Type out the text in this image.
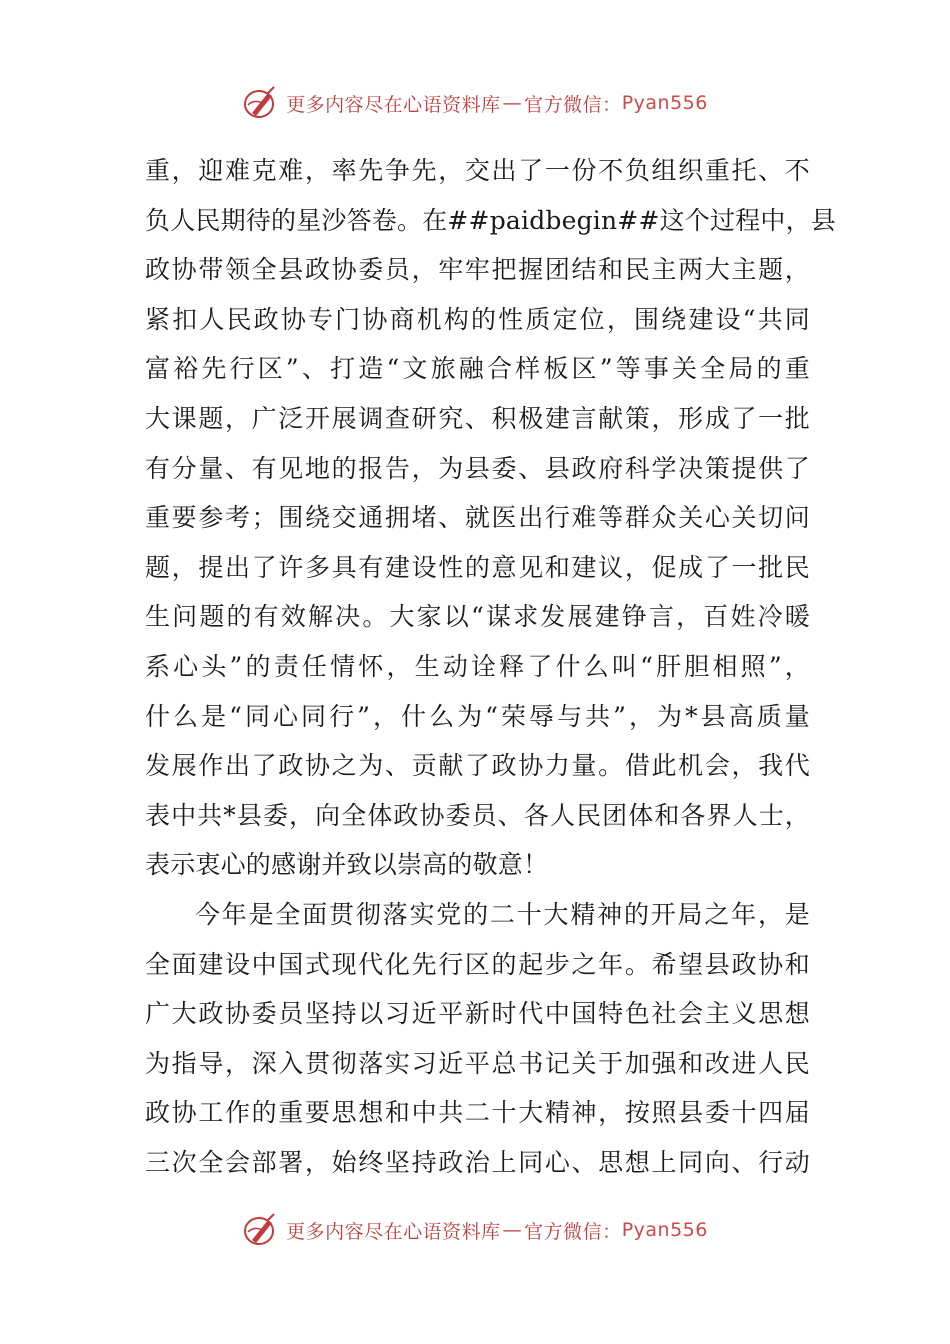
更多内容尽在心语资料库 — 官方微信： Pyan556
重，迎难克难，率先争先，交出了一份不负组织重托、不
负人民期待的星沙答卷。在##paidbegin##这个过程中，县
政协带领全县政协委员，牢牢把握团结和民主两大主题，
紧扣人民政协专门协商机构的性质定位，围绕建设“共同
富裕先行区”、打造“文旅融合样板区”等事关全局的重
大课题，广泛开展调查研究、积极建言献策，形成了一批
有分量、有见地的报告，为县委、县政府科学决策提供了
重要参考；围绕交通拥堵、就医出行难等群众关心关切问
题，提出了许多具有建设性的意见和建议，促成了一批民
生问题的有效解决。大家以“谋求发展建铮言，百姓冷暖
系心头”的责任情怀，生动诠释了什么叫“肝胆相照”，
什么是“同心同行”，什么为“荣辱与共”，为*县高质量
发展作出了政协之为、贡献了政协力量。借此机会，我代
表中共*县委，向全体政协委员、各人民团体和各界人士，
表示衷心的感谢并致以崇高的敬意！
今年是全面贯彻落实党的二十大精神的开局之年，是
全面建设中国式现代化先行区的起步之年。希望县政协和
广大政协委员坚持以习近平新时代中国特色社会主义思想
为指导，深入贯彻落实习近平总书记关于加强和改进人民
政协工作的重要思想和中共二十大精神，按照县委十四届
三次全会部署，始终坚持政治上同心、思想上同向、行动
更多内容尽在心语资料库 — 官方微信： Pyan556
